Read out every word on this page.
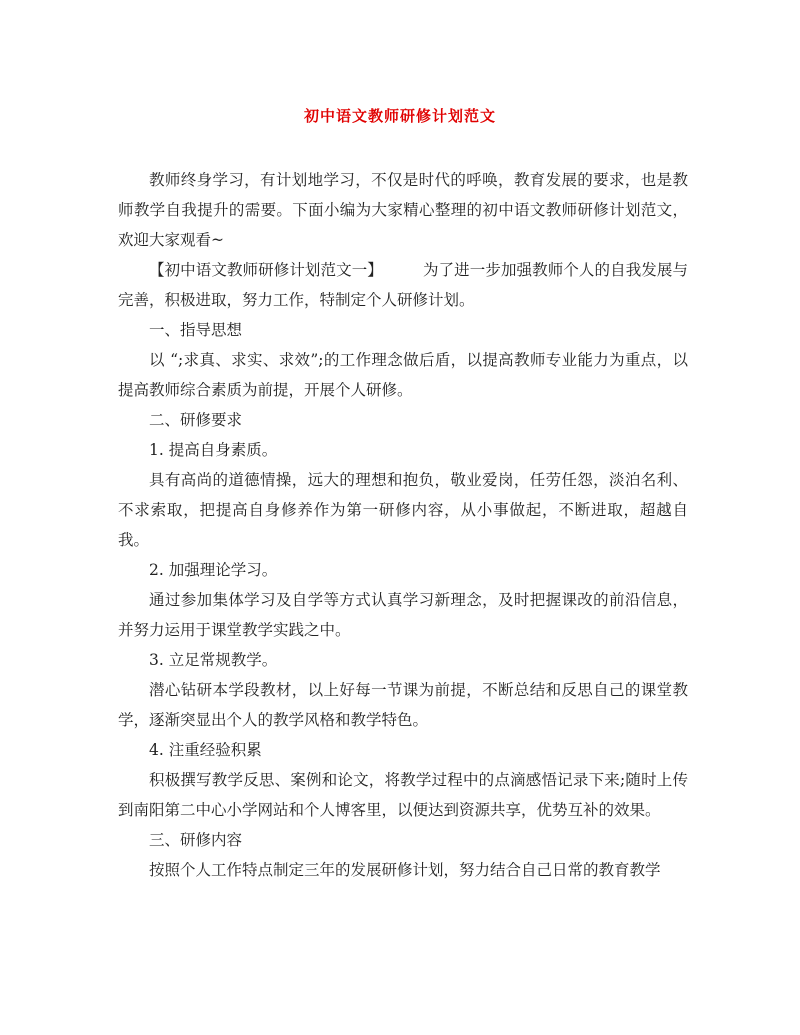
初中语文教师研修计划范文

教师终身学习，有计划地学习，不仅是时代的呼唤，教育发展的要求，也是教师教学自我提升的需要。下面小编为大家精心整理的初中语文教师研修计划范文，欢迎大家观看~

【初中语文教师研修计划范文一】	为了进一步加强教师个人的自我发展与完善，积极进取，努力工作，特制定个人研修计划。

一、指导思想

以 “;求真、求实、求效”;的工作理念做后盾，以提高教师专业能力为重点，以提高教师综合素质为前提，开展个人研修。

二、研修要求

1. 提高自身素质。

具有高尚的道德情操，远大的理想和抱负，敬业爱岗，任劳任怨，淡泊名利、不求索取，把提高自身修养作为第一研修内容，从小事做起，不断进取，超越自我。

2. 加强理论学习。

通过参加集体学习及自学等方式认真学习新理念，及时把握课改的前沿信息，并努力运用于课堂教学实践之中。

3. 立足常规教学。

潜心钻研本学段教材，以上好每一节课为前提，不断总结和反思自己的课堂教学，逐渐突显出个人的教学风格和教学特色。

4. 注重经验积累

积极撰写教学反思、案例和论文，将教学过程中的点滴感悟记录下来;随时上传到南阳第二中心小学网站和个人博客里，以便达到资源共享，优势互补的效果。

三、研修内容

按照个人工作特点制定三年的发展研修计划，努力结合自己日常的教育教学
